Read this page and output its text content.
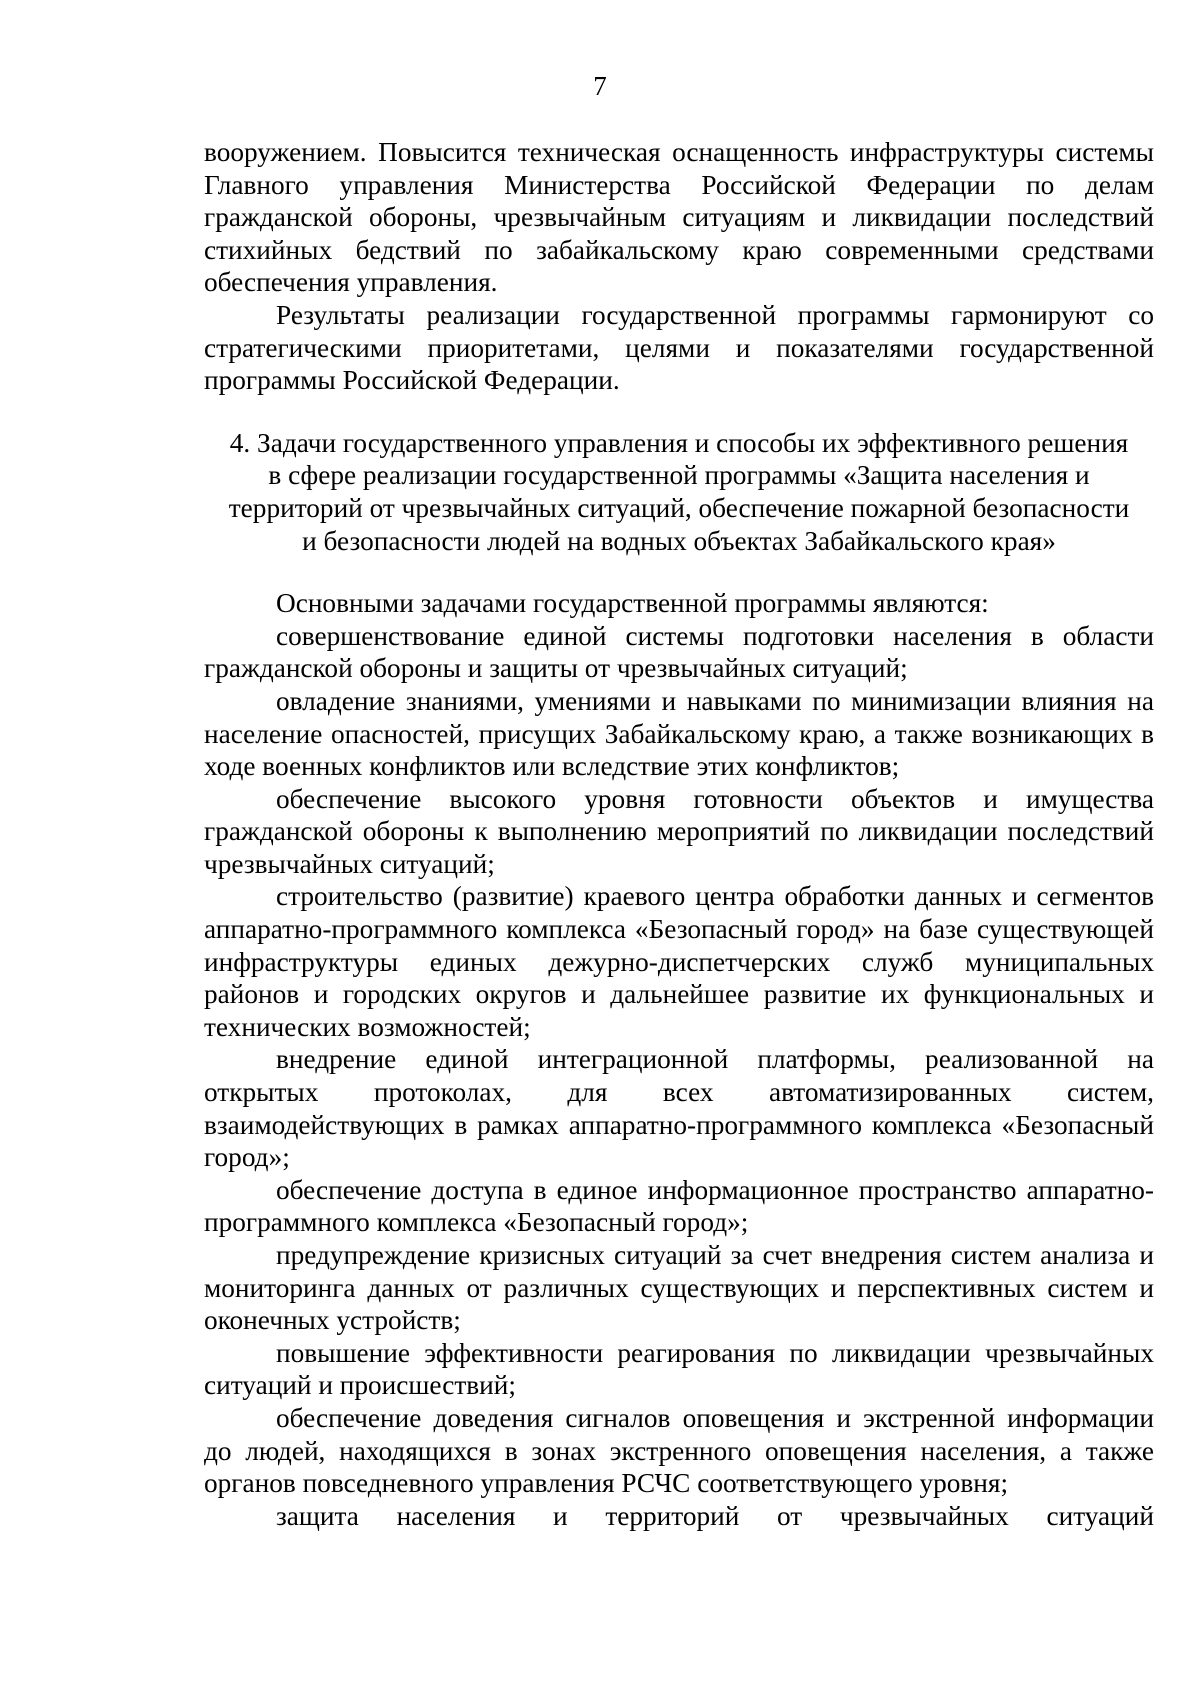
7

вооружением. Повысится техническая оснащенность инфраструктуры системы Главного управления Министерства Российской Федерации по делам гражданской обороны, чрезвычайным ситуациям и ликвидации последствий стихийных бедствий по забайкальскому краю современными средствами обеспечения управления.

Результаты реализации государственной программы гармонируют со стратегическими приоритетами, целями и показателями государственной программы Российской Федерации.

4. Задачи государственного управления и способы их эффективного решения
в сфере реализации государственной программы «Защита населения и
территорий от чрезвычайных ситуаций, обеспечение пожарной безопасности
и безопасности людей на водных объектах Забайкальского края»

Основными задачами государственной программы являются:

совершенствование единой системы подготовки населения в области гражданской обороны и защиты от чрезвычайных ситуаций;

овладение знаниями, умениями и навыками по минимизации влияния на население опасностей, присущих Забайкальскому краю, а также возникающих в ходе военных конфликтов или вследствие этих конфликтов;

обеспечение высокого уровня готовности объектов и имущества гражданской обороны к выполнению мероприятий по ликвидации последствий чрезвычайных ситуаций;

строительство (развитие) краевого центра обработки данных и сегментов аппаратно-программного комплекса «Безопасный город» на базе существующей инфраструктуры единых дежурно-диспетчерских служб муниципальных районов и городских округов и дальнейшее развитие их функциональных и технических возможностей;

внедрение единой интеграционной платформы, реализованной на открытых протоколах, для всех автоматизированных систем, взаимодействующих в рамках аппаратно-программного комплекса «Безопасный город»;

обеспечение доступа в единое информационное пространство аппаратно-программного комплекса «Безопасный город»;

предупреждение кризисных ситуаций за счет внедрения систем анализа и мониторинга данных от различных существующих и перспективных систем и оконечных устройств;

повышение эффективности реагирования по ликвидации чрезвычайных ситуаций и происшествий;

обеспечение доведения сигналов оповещения и экстренной информации до людей, находящихся в зонах экстренного оповещения населения, а также органов повседневного управления РСЧС соответствующего уровня;

защита населения и территорий от чрезвычайных ситуаций
